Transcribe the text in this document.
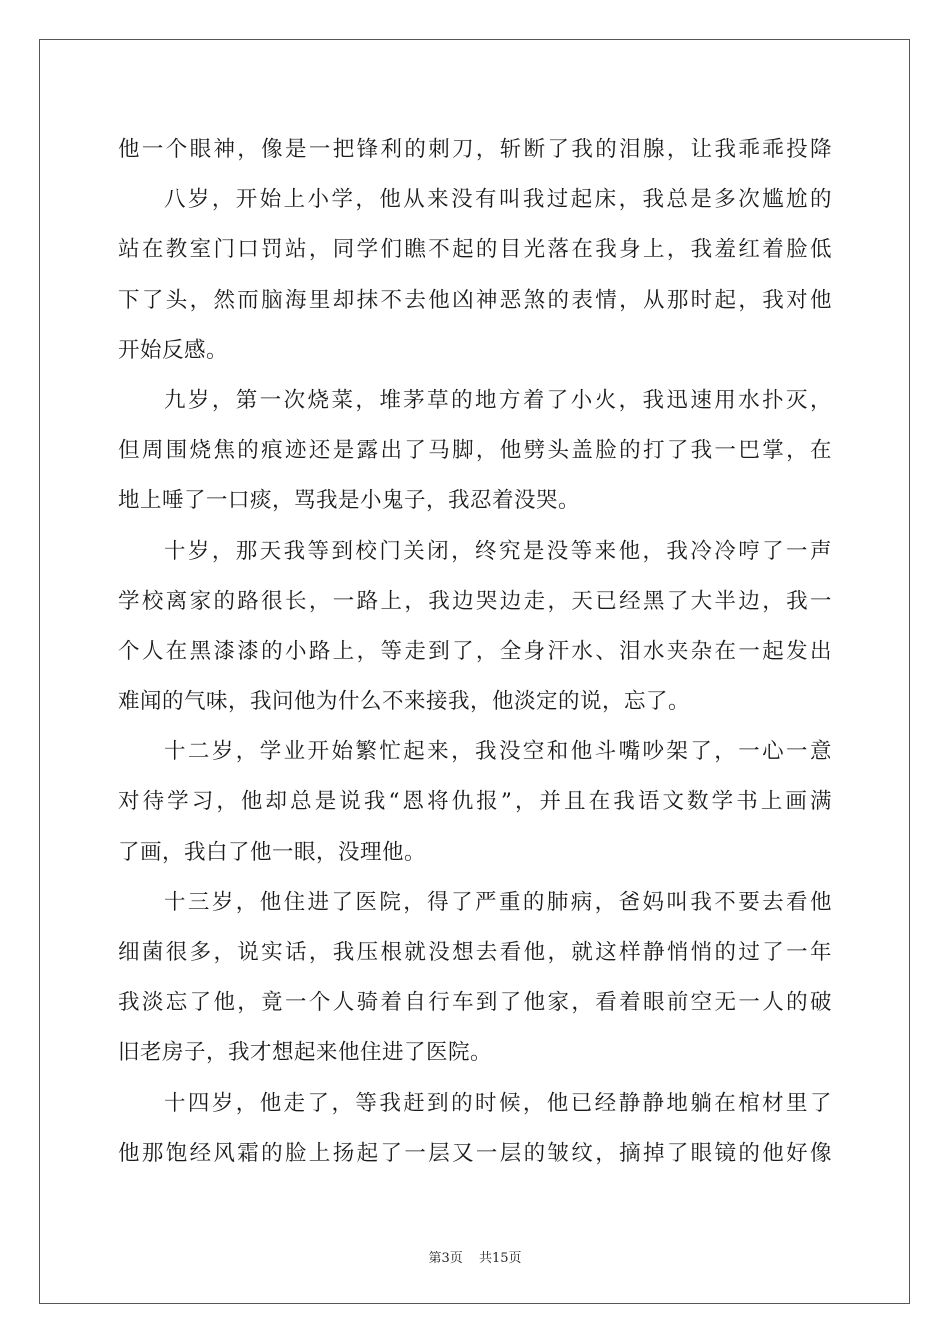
他一个眼神，像是一把锋利的刺刀，斩断了我的泪腺，让我乖乖投降
八岁，开始上小学，他从来没有叫我过起床，我总是多次尴尬的
站在教室门口罚站，同学们瞧不起的目光落在我身上，我羞红着脸低
下了头，然而脑海里却抹不去他凶神恶煞的表情，从那时起，我对他
开始反感。
九岁，第一次烧菜，堆茅草的地方着了小火，我迅速用水扑灭，
但周围烧焦的痕迹还是露出了马脚，他劈头盖脸的打了我一巴掌，在
地上唾了一口痰，骂我是小鬼子，我忍着没哭。
十岁，那天我等到校门关闭，终究是没等来他，我冷冷哼了一声
学校离家的路很长，一路上，我边哭边走，天已经黑了大半边，我一
个人在黑漆漆的小路上，等走到了，全身汗水、泪水夹杂在一起发出
难闻的气味，我问他为什么不来接我，他淡定的说，忘了。
十二岁，学业开始繁忙起来，我没空和他斗嘴吵架了，一心一意
对待学习，他却总是说我“恩将仇报”，并且在我语文数学书上画满
了画，我白了他一眼，没理他。
十三岁，他住进了医院，得了严重的肺病，爸妈叫我不要去看他
细菌很多，说实话，我压根就没想去看他，就这样静悄悄的过了一年
我淡忘了他，竟一个人骑着自行车到了他家，看着眼前空无一人的破
旧老房子，我才想起来他住进了医院。
十四岁，他走了，等我赶到的时候，他已经静静地躺在棺材里了
他那饱经风霜的脸上扬起了一层又一层的皱纹，摘掉了眼镜的他好像
第3页 共15页
